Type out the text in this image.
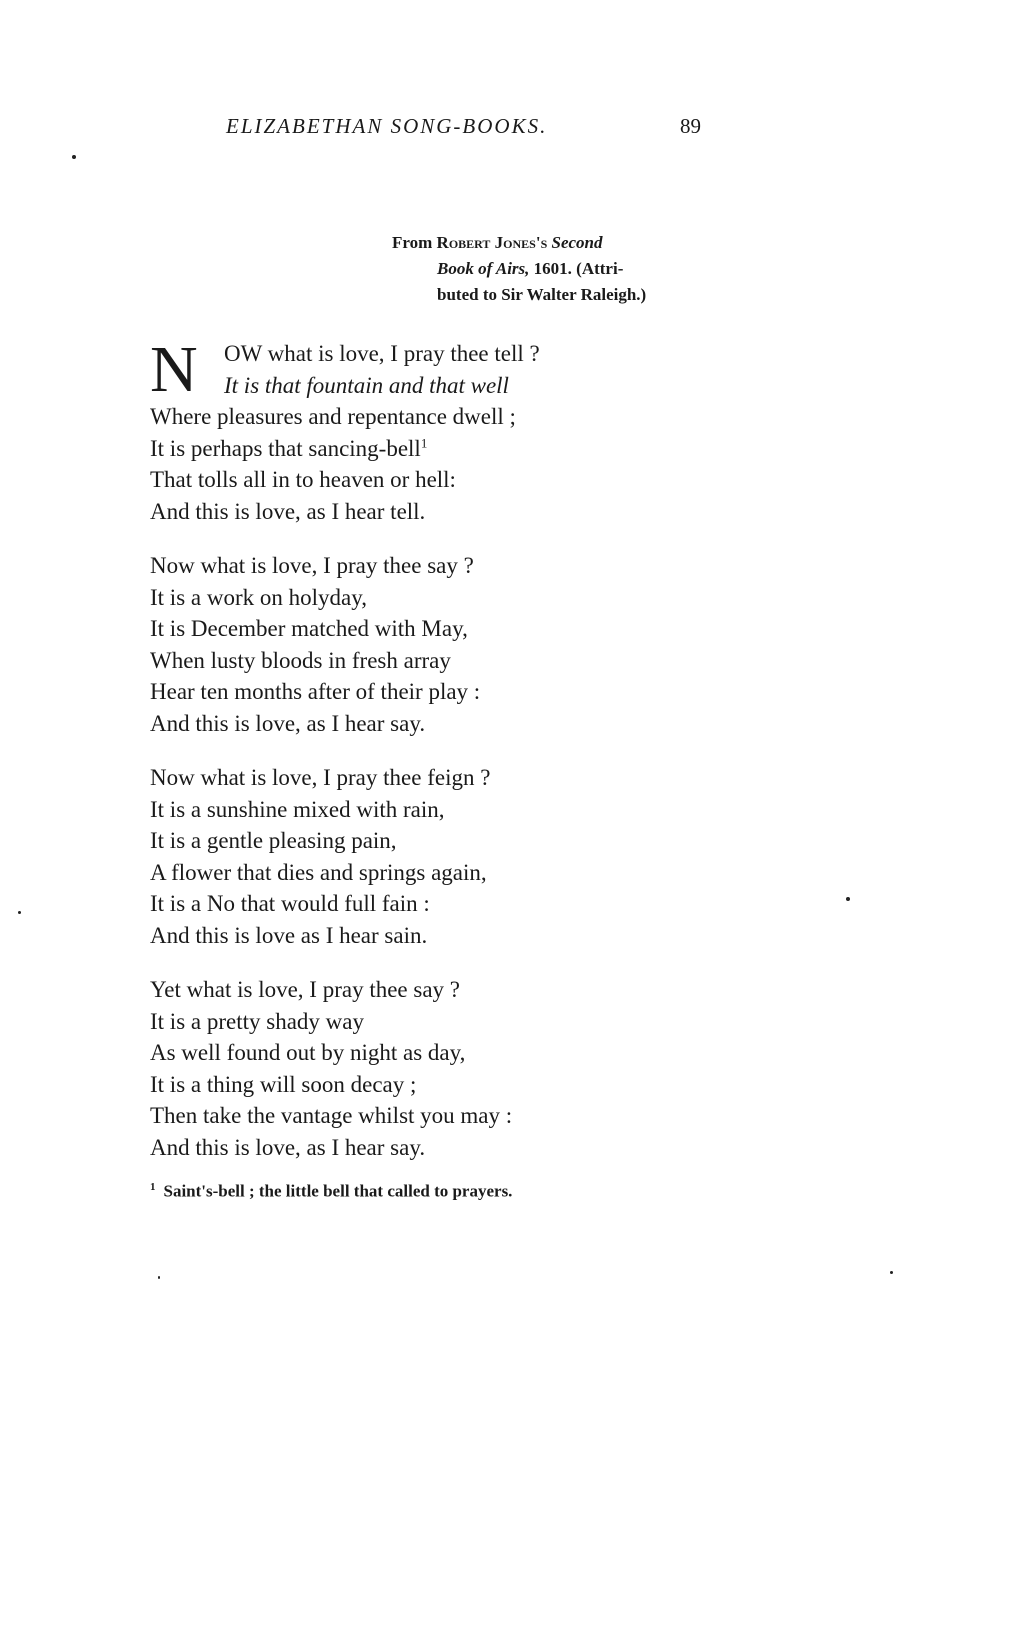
ELIZABETHAN SONG-BOOKS.	89
From Robert Jones's Second
Book of Airs, 1601. (Attri-
buted to Sir Walter Raleigh.)
N	OW what is love, I pray thee tell ?
It is that fountain and that well
Where pleasures and repentance dwell ;
It is perhaps that sancing-bell$^1$
That tolls all in to heaven or hell:
And this is love, as I hear tell.
Now what is love, I pray thee say ?
It is a work on holyday,
It is December matched with May,
When lusty bloods in fresh array
Hear ten months after of their play :
And this is love, as I hear say.
Now what is love, I pray thee feign ?
It is a sunshine mixed with rain,
It is a gentle pleasing pain,
A flower that dies and springs again,
It is a No that would full fain :
And this is love as I hear sain.
Yet what is love, I pray thee say ?
It is a pretty shady way
As well found out by night as day,
It is a thing will soon decay ;
Then take the vantage whilst you may :
And this is love, as I hear say.
$^1$ Saint's-bell ; the little bell that called to prayers.
